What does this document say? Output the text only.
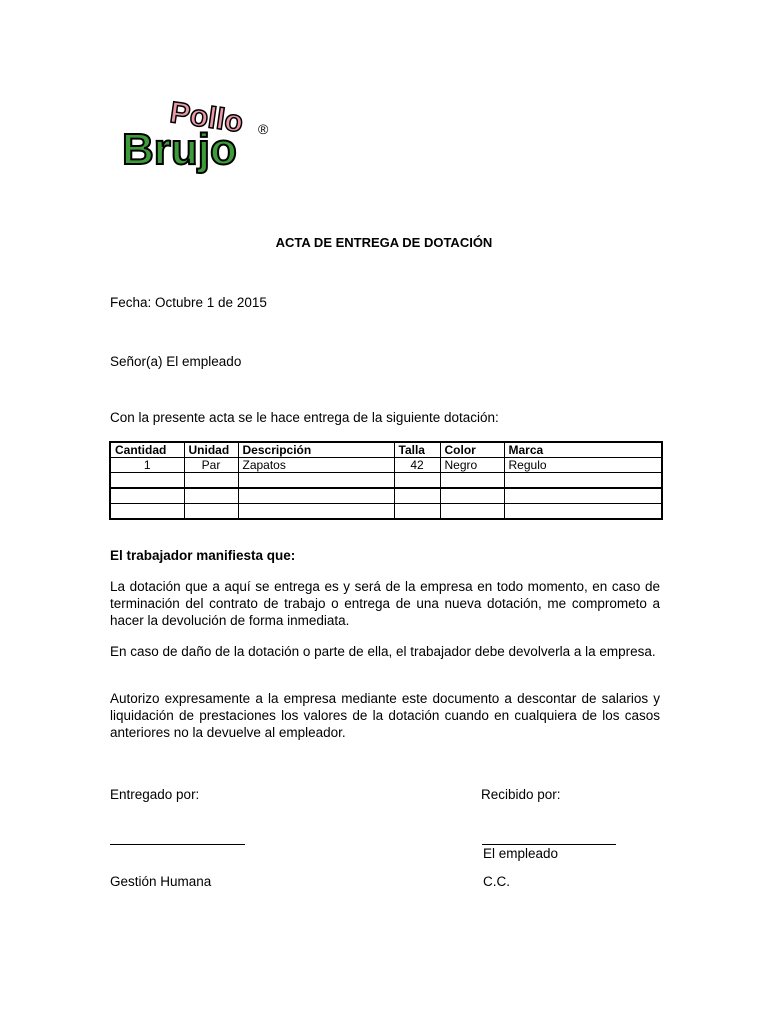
Pollo
Brujo ®
ACTA DE ENTREGA DE DOTACIÓN
Fecha: Octubre 1 de 2015
Señor(a) El empleado
Con la presente acta se le hace entrega de la siguiente dotación:
Cantidad	Unidad	Descripción	Talla	Color	Marca
1	Par	Zapatos	42	Negro	Regulo

El trabajador manifiesta que:
La dotación que a aquí se entrega es y será de la empresa en todo momento, en caso de terminación del contrato de trabajo o entrega de una nueva dotación, me comprometo a hacer la devolución de forma inmediata.
En caso de daño de la dotación o parte de ella, el trabajador debe devolverla a la empresa.
Autorizo expresamente a la empresa mediante este documento a descontar de salarios y liquidación de prestaciones los valores de la dotación cuando en cualquiera de los casos anteriores no la devuelve al empleador.
Entregado por:	Recibido por:
El empleado
Gestión Humana	C.C.
